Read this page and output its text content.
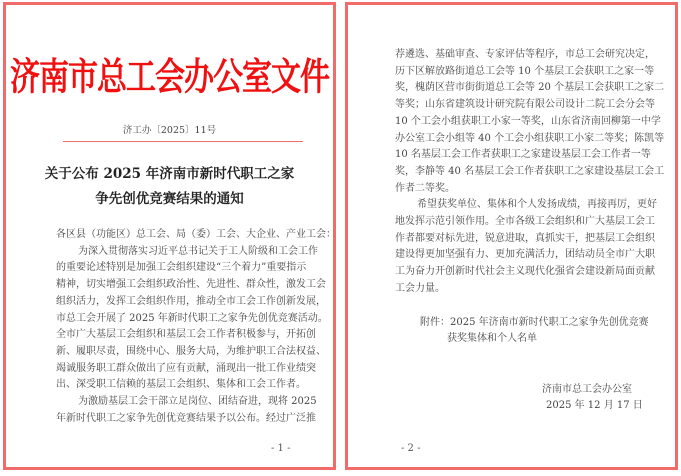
济南市总工会办公室文件
济工办〔2025〕11号
关于公布 2025 年济南市新时代职工之家
争先创优竞赛结果的通知
各区县（功能区）总工会、局（委）工会、大企业、产业工会：
为深入贯彻落实习近平总书记关于工人阶级和工会工作
的重要论述特别是加强工会组织建设“三个着力”重要指示
精神，切实增强工会组织政治性、先进性、群众性，激发工会
组织活力，发挥工会组织作用，推动全市工会工作创新发展，
市总工会开展了 2025 年新时代职工之家争先创优竞赛活动。
全市广大基层工会组织和基层工会工作者积极参与，开拓创
新、履职尽责，围绕中心、服务大局，为维护职工合法权益、
竭诚服务职工群众做出了应有贡献，涌现出一批工作业绩突
出、深受职工信赖的基层工会组织、集体和工会工作者。
为激励基层工会干部立足岗位、团结奋进，现将 2025
年新时代职工之家争先创优竞赛结果予以公布。经过广泛推
- 1 -
荐遴选、基础审查、专家评估等程序，市总工会研究决定，
历下区解放路街道总工会等 10 个基层工会获职工之家一等
奖，槐荫区营市街街道总工会等 20 个基层工会获职工之家二
等奖；山东省建筑设计研究院有限公司设计二院工会分会等
10 个工会小组获职工小家一等奖，山东省济南回柳第一中学
办公室工会小组等 40 个工会小组获职工小家二等奖；陈凯等
10 名基层工会工作者获职工之家建设基层工会工作者一等
奖，李静等 40 名基层工会工作者获职工之家建设基层工会工
作者二等奖。
希望获奖单位、集体和个人发扬成绩，再接再厉，更好
地发挥示范引领作用。全市各级工会组织和广大基层工会工
作者都要对标先进，锐意进取，真抓实干，把基层工会组织
建设得更加坚强有力、更加充满活力，团结动员全市广大职
工为奋力开创新时代社会主义现代化强省会建设新局面贡献
工会力量。
附件：2025 年济南市新时代职工之家争先创优竞赛
获奖集体和个人名单
济南市总工会办公室
2025 年 12 月 17 日
- 2 -
